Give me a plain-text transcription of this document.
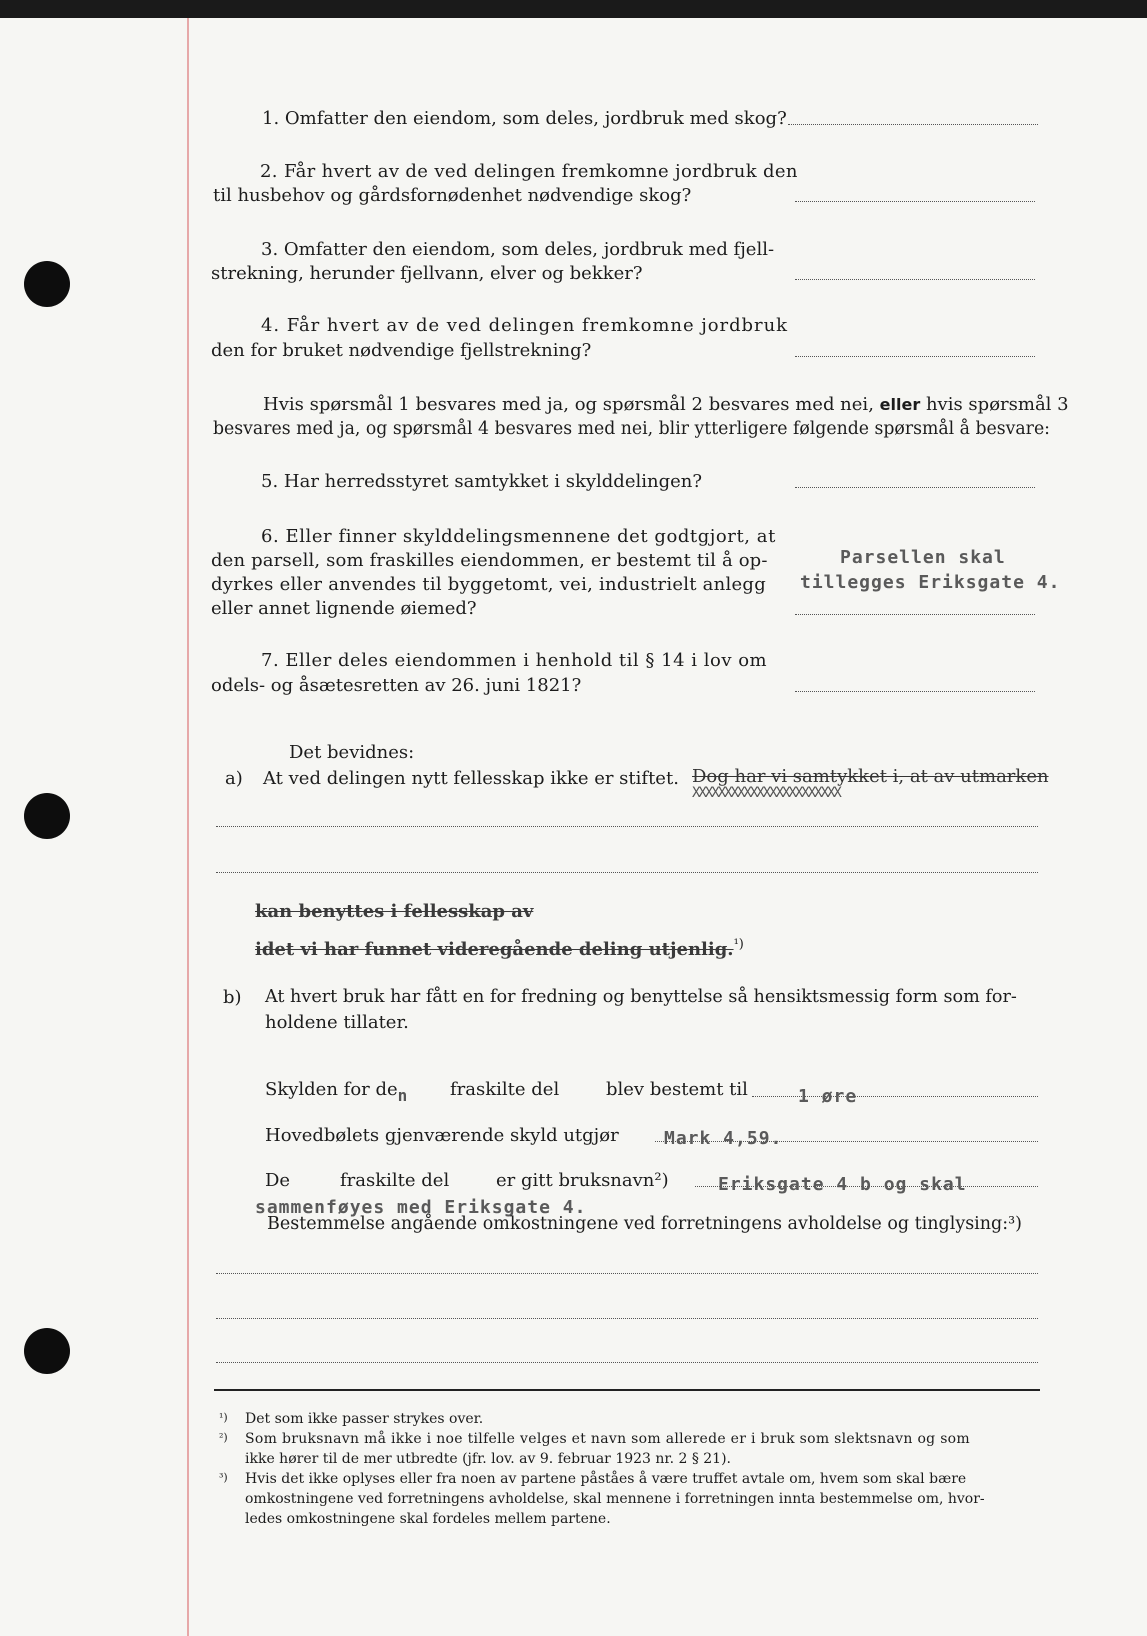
1. Omfatter den eiendom, som deles, jordbruk med skog?
2. Får hvert av de ved delingen fremkomne jordbruk den
til husbehov og gårdsfornødenhet nødvendige skog?
3. Omfatter den eiendom, som deles, jordbruk med fjell-
strekning, herunder fjellvann, elver og bekker?
4. Får hvert av de ved delingen fremkomne jordbruk
den for bruket nødvendige fjellstrekning?
Hvis spørsmål 1 besvares med ja, og spørsmål 2 besvares med nei, eller hvis spørsmål 3
besvares med ja, og spørsmål 4 besvares med nei, blir ytterligere følgende spørsmål å besvare:
5. Har herredsstyret samtykket i skylddelingen?
6. Eller finner skylddelingsmennene det godtgjort, at
den parsell, som fraskilles eiendommen, er bestemt til å op-
dyrkes eller anvendes til byggetomt, vei, industrielt anlegg
eller annet lignende øiemed?
Parsellen skal
tillegges Eriksgate 4.
7. Eller deles eiendommen i henhold til § 14 i lov om
odels- og åsætesretten av 26. juni 1821?
Det bevidnes:
a) At ved delingen nytt fellesskap ikke er stiftet. Dog har vi samtykket i, at av utmarken
XXXXXXXXXXXXXXXXXXXXXXX
kan benyttes i fellesskap av
idet vi har funnet videregående deling utjenlig.$^{^1)}$
b) At hvert bruk har fått en for fredning og benyttelse så hensiktsmessig form som for-
holdene tillater.
Skylden for den fraskilte del	blev bestemt til	1 øre
Hovedbølets gjenværende skyld utgjør	Mark 4,59.
De	fraskilte del	er gitt bruksnavn²)	Eriksgate 4 b og skal
sammenføyes med Eriksgate 4.
Bestemmelse angående omkostningene ved forretningens avholdelse og tinglysing:³)
¹) Det som ikke passer strykes over.
²) Som bruksnavn må ikke i noe tilfelle velges et navn som allerede er i bruk som slektsnavn og som
ikke hører til de mer utbredte (jfr. lov. av 9. februar 1923 nr. 2 § 21).
³) Hvis det ikke oplyses eller fra noen av partene påståes å være truffet avtale om, hvem som skal bære
omkostningene ved forretningens avholdelse, skal mennene i forretningen innta bestemmelse om, hvor-
ledes omkostningene skal fordeles mellem partene.
